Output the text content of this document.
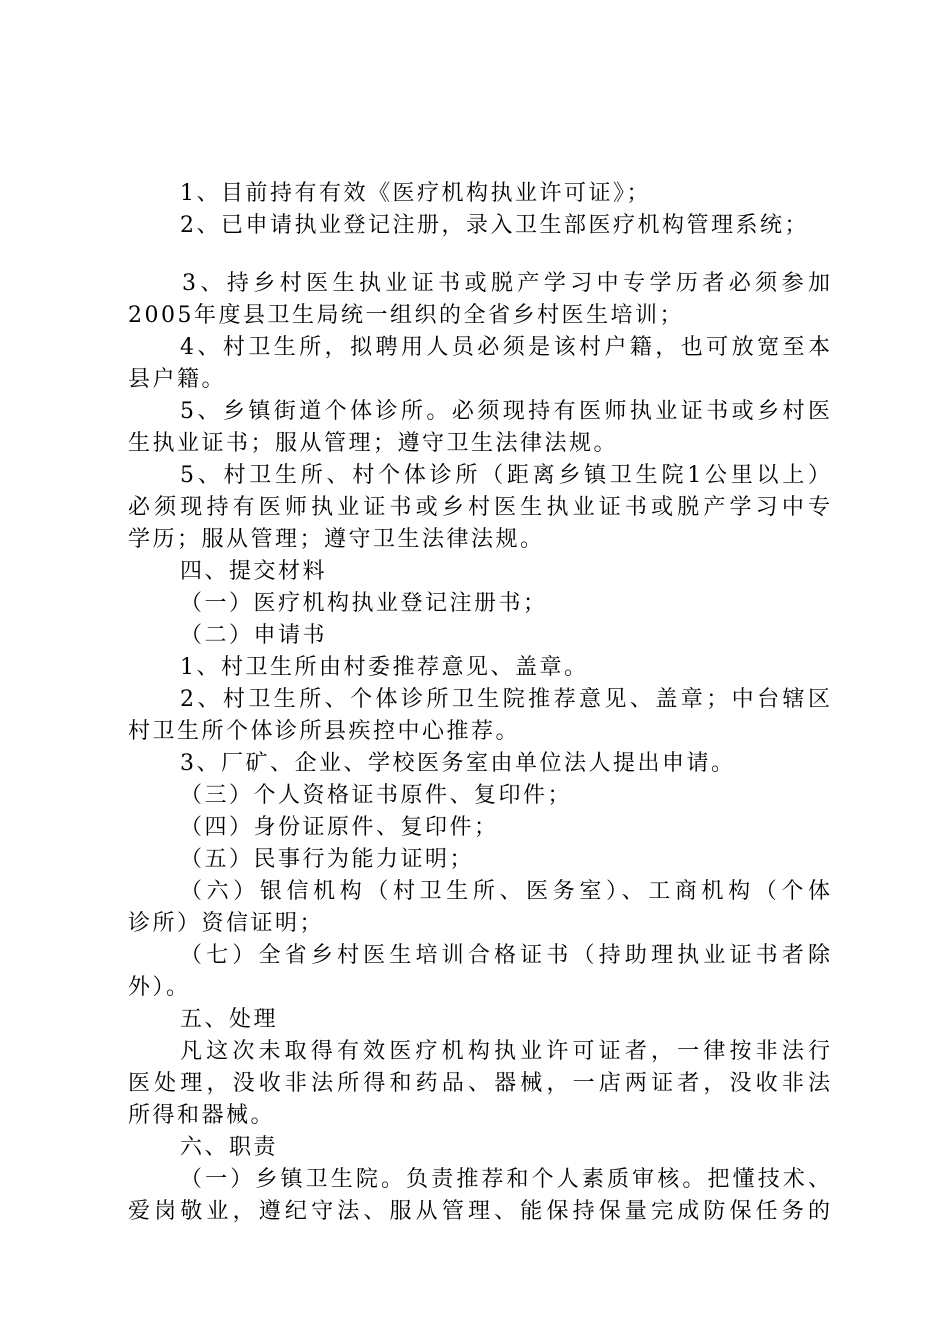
1、目前持有有效《医疗机构执业许可证》；
2、已申请执业登记注册，录入卫生部医疗机构管理系统；
3、持乡村医生执业证书或脱产学习中专学历者必须参加
2005年度县卫生局统一组织的全省乡村医生培训；
4、村卫生所，拟聘用人员必须是该村户籍，也可放宽至本
县户籍。
5、乡镇街道个体诊所。必须现持有医师执业证书或乡村医
生执业证书；服从管理；遵守卫生法律法规。
5、村卫生所、村个体诊所（距离乡镇卫生院1公里以上）
必须现持有医师执业证书或乡村医生执业证书或脱产学习中专
学历；服从管理；遵守卫生法律法规。
四、提交材料
（一）医疗机构执业登记注册书；
（二）申请书
1、村卫生所由村委推荐意见、盖章。
2、村卫生所、个体诊所卫生院推荐意见、盖章；中台辖区
村卫生所个体诊所县疾控中心推荐。
3、厂矿、企业、学校医务室由单位法人提出申请。
（三）个人资格证书原件、复印件；
（四）身份证原件、复印件；
（五）民事行为能力证明；
（六）银信机构（村卫生所、医务室）、工商机构（个体
诊所）资信证明；
（七）全省乡村医生培训合格证书（持助理执业证书者除
外）。
五、处理
凡这次未取得有效医疗机构执业许可证者，一律按非法行
医处理，没收非法所得和药品、器械，一店两证者，没收非法
所得和器械。
六、职责
（一）乡镇卫生院。负责推荐和个人素质审核。把懂技术、
爱岗敬业，遵纪守法、服从管理、能保持保量完成防保任务的
